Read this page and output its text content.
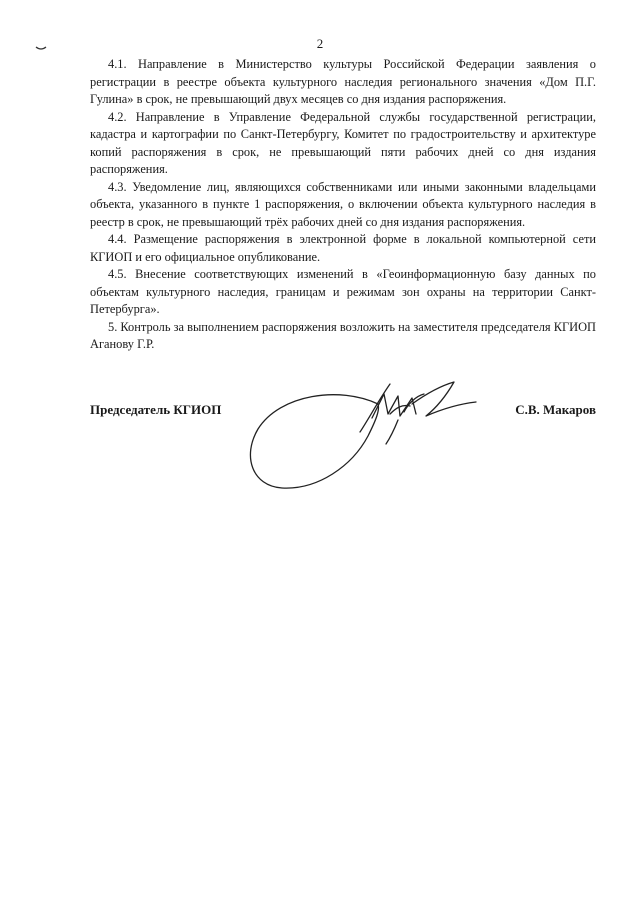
2

4.1. Направление в Министерство культуры Российской Федерации заявления о регистрации в реестре объекта культурного наследия регионального значения «Дом П.Г. Гулина» в срок, не превышающий двух месяцев со дня издания распоряжения.

4.2. Направление в Управление Федеральной службы государственной регистрации, кадастра и картографии по Санкт-Петербургу, Комитет по градостроительству и архитектуре копий распоряжения в срок, не превышающий пяти рабочих дней со дня издания распоряжения.

4.3. Уведомление лиц, являющихся собственниками или иными законными владельцами объекта, указанного в пункте 1 распоряжения, о включении объекта культурного наследия в реестр в срок, не превышающий трёх рабочих дней со дня издания распоряжения.

4.4. Размещение распоряжения в электронной форме в локальной компьютерной сети КГИОП и его официальное опубликование.

4.5. Внесение соответствующих изменений в «Геоинформационную базу данных по объектам культурного наследия, границам и режимам зон охраны на территории Санкт-Петербурга».

5. Контроль за выполнением распоряжения возложить на заместителя председателя КГИОП Аганову Г.Р.

Председатель КГИОП	С.В. Макаров
